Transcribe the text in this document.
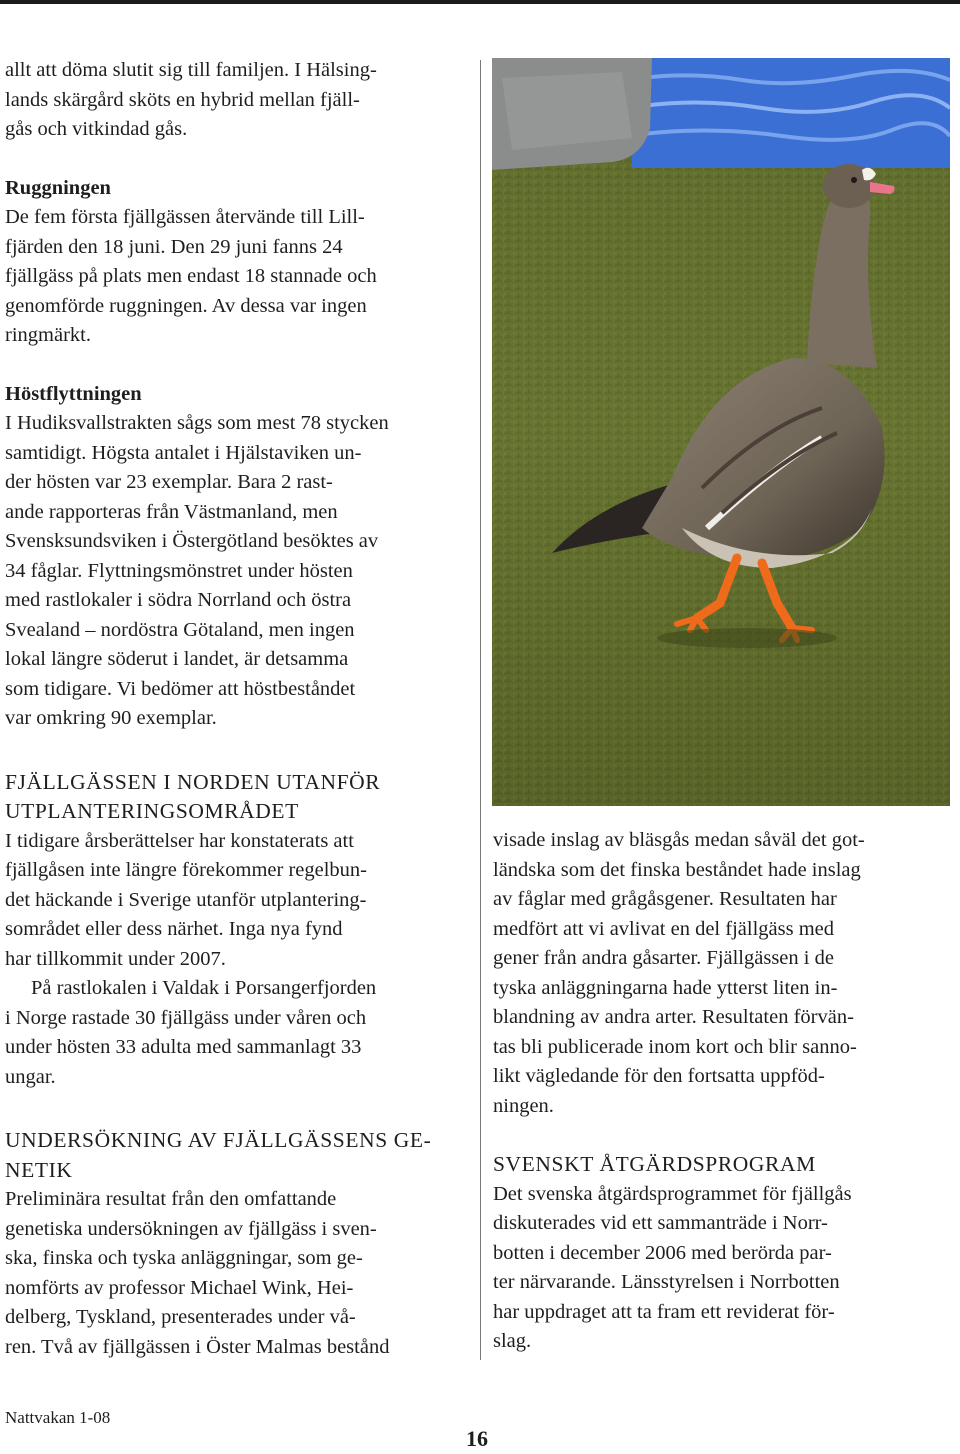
allt att döma slutit sig till familjen. I Hälsing-
lands skärgård sköts en hybrid mellan fjäll-
gås och vitkindad gås.

Ruggningen

De fem första fjällgässen återvände till Lill-
fjärden den 18 juni. Den 29 juni fanns 24
fjällgäss på plats men endast 18 stannade och
genomförde ruggningen. Av dessa var ingen
ringmärkt.

Höstflyttningen

I Hudiksvallstrakten sågs som mest 78 stycken
samtidigt. Högsta antalet i Hjälstaviken un-
der hösten var 23 exemplar. Bara 2 rast-
ande rapporteras från Västmanland, men
Svensksundsviken i Östergötland besöktes av
34 fåglar. Flyttningsmönstret under hösten
med rastlokaler i södra Norrland och östra
Svealand – nordöstra Götaland, men ingen
lokal längre söderut i landet, är detsamma
som tidigare. Vi bedömer att höstbeståndet
var omkring 90 exemplar.

FJÄLLGÄSSEN I NORDEN UTANFÖR
UTPLANTERINGSOMRÅDET

I tidigare årsberättelser har konstaterats att
fjällgåsen inte längre förekommer regelbun-
det häckande i Sverige utanför utplantering-
sområdet eller dess närhet. Inga nya fynd
har tillkommit under 2007.

På rastlokalen i Valdak i Porsangerfjorden
i Norge rastade 30 fjällgäss under våren och
under hösten 33 adulta med sammanlagt 33
ungar.

UNDERSÖKNING AV FJÄLLGÄSSENS GE-
NETIK

Preliminära resultat från den omfattande
genetiska undersökningen av fjällgäss i sven-
ska, finska och tyska anläggningar, som ge-
nomförts av professor Michael Wink, Hei-
delberg, Tyskland, presenterades under vå-
ren. Två av fjällgässen i Öster Malmas bestånd

visade inslag av bläsgås medan såväl det got-
ländska som det finska beståndet hade inslag
av fåglar med grågåsgener. Resultaten har
medfört att vi avlivat en del fjällgäss med
gener från andra gåsarter. Fjällgässen i de
tyska anläggningarna hade ytterst liten in-
blandning av andra arter. Resultaten förvän-
tas bli publicerade inom kort och blir sanno-
likt vägledande för den fortsatta uppföd-
ningen.

SVENSKT ÅTGÄRDSPROGRAM

Det svenska åtgärdsprogrammet för fjällgås
diskuterades vid ett sammanträde i Norr-
botten i december 2006 med berörda par-
ter närvarande. Länsstyrelsen i Norrbotten
har uppdraget att ta fram ett reviderat för-
slag.

Nattvakan 1-08
16
